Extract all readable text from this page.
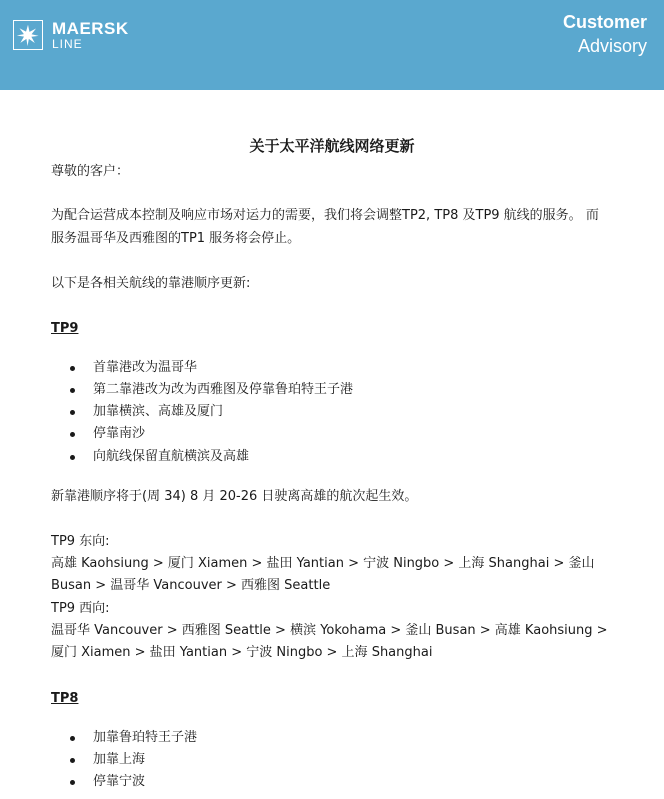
MAERSK
LINE
Customer
Advisory
关于太平洋航线网络更新
尊敬的客户：
为配合运营成本控制及响应市场对运力的需要，我们将会调整TP2, TP8 及TP9 航线的服务。 而
服务温哥华及西雅图的TP1 服务将会停止。
以下是各相关航线的靠港顺序更新:
TP9
首靠港改为温哥华
第二靠港改为改为西雅图及停靠鲁珀特王子港
加靠横滨、高雄及厦门
停靠南沙
向航线保留直航横滨及高雄
新靠港顺序将于(周 34) 8 月 20-26 日驶离高雄的航次起生效。
TP9 东向:
高雄 Kaohsiung > 厦门 Xiamen > 盐田 Yantian > 宁波 Ningbo > 上海 Shanghai > 釜山
Busan > 温哥华 Vancouver > 西雅图 Seattle
TP9 西向:
温哥华 Vancouver > 西雅图 Seattle > 横滨 Yokohama > 釜山 Busan > 高雄 Kaohsiung >
厦门 Xiamen > 盐田 Yantian > 宁波 Ningbo > 上海 Shanghai
TP8
加靠鲁珀特王子港
加靠上海
停靠宁波
